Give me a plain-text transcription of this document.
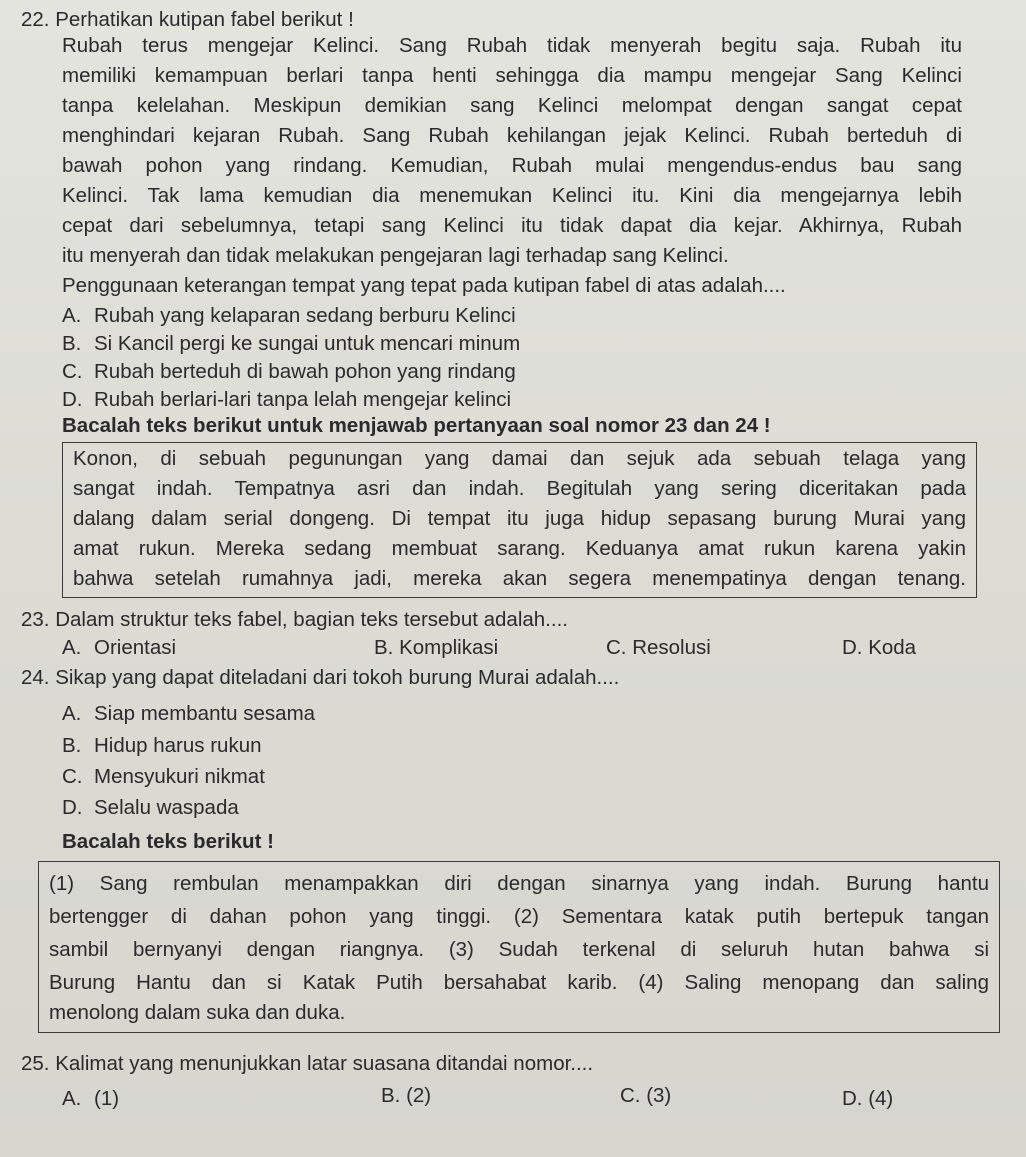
22. Perhatikan kutipan fabel berikut !
Rubah terus mengejar Kelinci. Sang Rubah tidak menyerah begitu saja. Rubah itu
memiliki kemampuan berlari tanpa henti sehingga dia mampu mengejar Sang Kelinci
tanpa kelelahan. Meskipun demikian sang Kelinci melompat dengan sangat cepat
menghindari kejaran Rubah. Sang Rubah kehilangan jejak Kelinci. Rubah berteduh di
bawah pohon yang rindang. Kemudian, Rubah mulai mengendus-endus bau sang
Kelinci. Tak lama kemudian dia menemukan Kelinci itu. Kini dia mengejarnya lebih
cepat dari sebelumnya, tetapi sang Kelinci itu tidak dapat dia kejar. Akhirnya, Rubah
itu menyerah dan tidak melakukan pengejaran lagi terhadap sang Kelinci.
Penggunaan keterangan tempat yang tepat pada kutipan fabel di atas adalah....
A. Rubah yang kelaparan sedang berburu Kelinci
B. Si Kancil pergi ke sungai untuk mencari minum
C. Rubah berteduh di bawah pohon yang rindang
D. Rubah berlari-lari tanpa lelah mengejar kelinci
Bacalah teks berikut untuk menjawab pertanyaan soal nomor 23 dan 24 !
Konon, di sebuah pegunungan yang damai dan sejuk ada sebuah telaga yang
sangat indah. Tempatnya asri dan indah. Begitulah yang sering diceritakan pada
dalang dalam serial dongeng. Di tempat itu juga hidup sepasang burung Murai yang
amat rukun. Mereka sedang membuat sarang. Keduanya amat rukun karena yakin
bahwa setelah rumahnya jadi, mereka akan segera menempatinya dengan tenang.
23. Dalam struktur teks fabel, bagian teks tersebut adalah....
A. Orientasi	B. Komplikasi	C. Resolusi	D. Koda
24. Sikap yang dapat diteladani dari tokoh burung Murai adalah....
A. Siap membantu sesama
B. Hidup harus rukun
C. Mensyukuri nikmat
D. Selalu waspada
Bacalah teks berikut !
(1) Sang rembulan menampakkan diri dengan sinarnya yang indah. Burung hantu
bertengger di dahan pohon yang tinggi. (2) Sementara katak putih bertepuk tangan
sambil bernyanyi dengan riangnya. (3) Sudah terkenal di seluruh hutan bahwa si
Burung Hantu dan si Katak Putih bersahabat karib. (4) Saling menopang dan saling
menolong dalam suka dan duka.
25. Kalimat yang menunjukkan latar suasana ditandai nomor....
A. (1)	B. (2)	C. (3)	D. (4)
